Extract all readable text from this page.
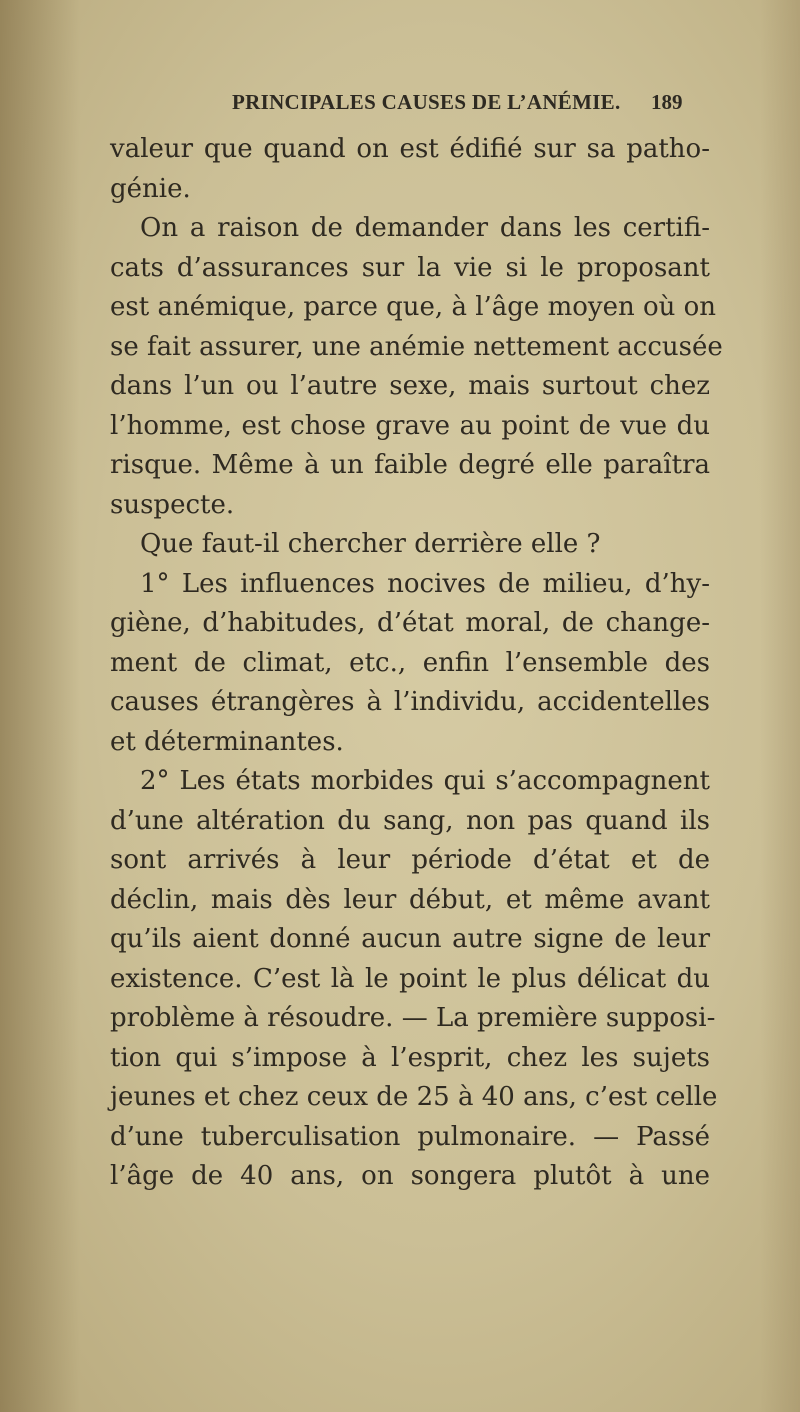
PRINCIPALES CAUSES DE L’ANÉMIE. 189
valeur que quand on est édifié sur sa patho-
génie.
On a raison de demander dans les certifi-
cats d’assurances sur la vie si le proposant
est anémique, parce que, à l’âge moyen où on
se fait assurer, une anémie nettement accusée
dans l’un ou l’autre sexe, mais surtout chez
l’homme, est chose grave au point de vue du
risque. Même à un faible degré elle paraîtra
suspecte.
Que faut-il chercher derrière elle ?
1° Les influences nocives de milieu, d’hy-
giène, d’habitudes, d’état moral, de change-
ment de climat, etc., enfin l’ensemble des
causes étrangères à l’individu, accidentelles
et déterminantes.
2° Les états morbides qui s’accompagnent
d’une altération du sang, non pas quand ils
sont arrivés à leur période d’état et de
déclin, mais dès leur début, et même avant
qu’ils aient donné aucun autre signe de leur
existence. C’est là le point le plus délicat du
problème à résoudre. — La première supposi-
tion qui s’impose à l’esprit, chez les sujets
jeunes et chez ceux de 25 à 40 ans, c’est celle
d’une tuberculisation pulmonaire. — Passé
l’âge de 40 ans, on songera plutôt à une
